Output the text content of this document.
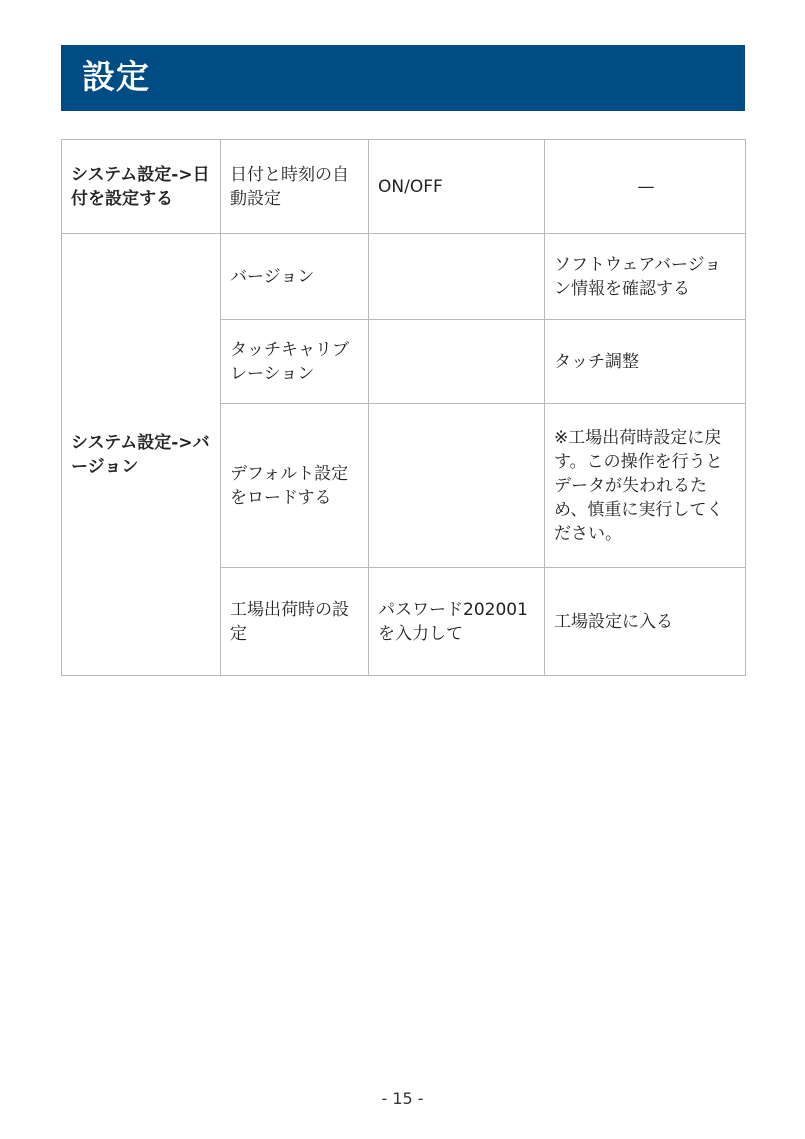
設定
システム設定->日付を設定する	日付と時刻の自動設定	ON/OFF	—
システム設定->バージョン	バージョン		ソフトウェアバージョン情報を確認する
	タッチキャリブレーション		タッチ調整
	デフォルト設定をロードする		※工場出荷時設定に戻す。この操作を行うとデータが失われるため、慎重に実行してください。
	工場出荷時の設定	パスワード202001を入力して	工場設定に入る
- 15 -
